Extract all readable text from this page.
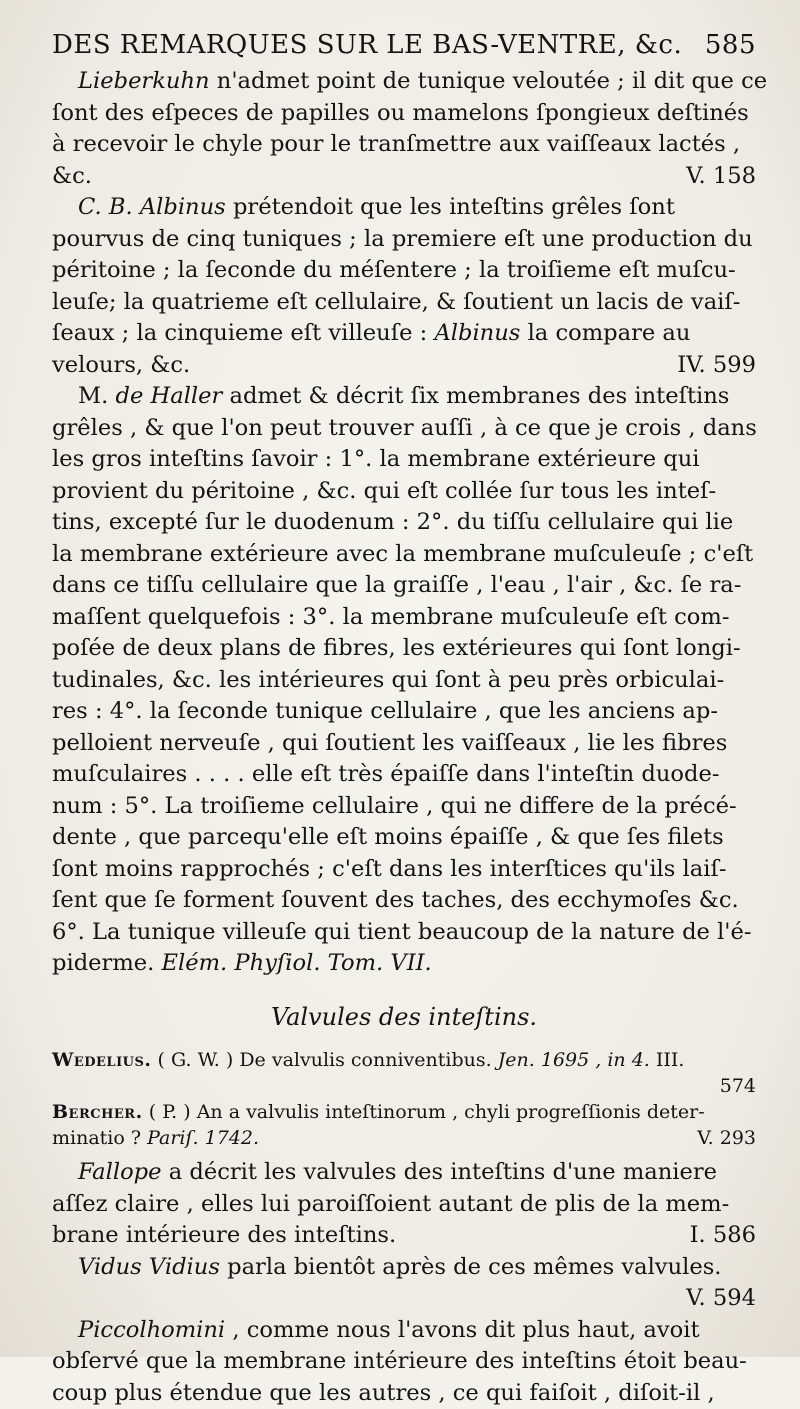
DES REMARQUES SUR LE BAS-VENTRE, &c. 585
Lieberkuhn n'admet point de tunique veloutée ; il dit que ce
ſont des eſpeces de papilles ou mamelons ſpongieux deſtinés
à recevoir le chyle pour le tranſmettre aux vaiſſeaux lactés ,
&c.	V. 158
C. B. Albinus prétendoit que les inteſtins grêles ſont
pourvus de cinq tuniques ; la premiere eſt une production du
péritoine ; la ſeconde du méſentere ; la troiſieme eſt muſcu-
leuſe; la quatrieme eſt cellulaire, & ſoutient un lacis de vaiſ-
ſeaux ; la cinquieme eſt villeuſe : Albinus la compare au
velours, &c.	IV. 599
M. de Haller admet & décrit ſix membranes des inteſtins
grêles , & que l'on peut trouver auſſi , à ce que je crois , dans
les gros inteſtins ſavoir : 1°. la membrane extérieure qui
provient du péritoine , &c. qui eſt collée ſur tous les inteſ-
tins, excepté ſur le duodenum : 2°. du tiſſu cellulaire qui lie
la membrane extérieure avec la membrane muſculeuſe ; c'eſt
dans ce tiſſu cellulaire que la graiſſe , l'eau , l'air , &c. ſe ra-
maſſent quelquefois : 3°. la membrane muſculeuſe eſt com-
poſée de deux plans de fibres, les extérieures qui ſont longi-
tudinales, &c. les intérieures qui ſont à peu près orbiculai-
res : 4°. la ſeconde tunique cellulaire , que les anciens ap-
pelloient nerveuſe , qui ſoutient les vaiſſeaux , lie les fibres
muſculaires . . . . elle eſt très épaiſſe dans l'inteſtin duode-
num : 5°. La troiſieme cellulaire , qui ne differe de la précé-
dente , que parcequ'elle eſt moins épaiſſe , & que ſes filets
ſont moins rapprochés ; c'eſt dans les interſtices qu'ils laiſ-
ſent que ſe forment ſouvent des taches, des ecchymoſes &c.
6°. La tunique villeuſe qui tient beaucoup de la nature de l'é-
piderme. Elém. Phyſiol. Tom. VII.
Valvules des inteſtins.
Wedelius. ( G. W. ) De valvulis conniventibus. Jen. 1695 , in 4. III.
574
Bercher. ( P. ) An a valvulis inteſtinorum , chyli progreſſionis deter-
minatio ? Pariſ. 1742.	V. 293
Fallope a décrit les valvules des inteſtins d'une maniere
aſſez claire , elles lui paroiſſoient autant de plis de la mem-
brane intérieure des inteſtins.	I. 586
Vidus Vidius parla bientôt après de ces mêmes valvules.
V. 594
Piccolhomini , comme nous l'avons dit plus haut, avoit
obſervé que la membrane intérieure des inteſtins étoit beau-
coup plus étendue que les autres , ce qui faiſoit , diſoit-il ,
